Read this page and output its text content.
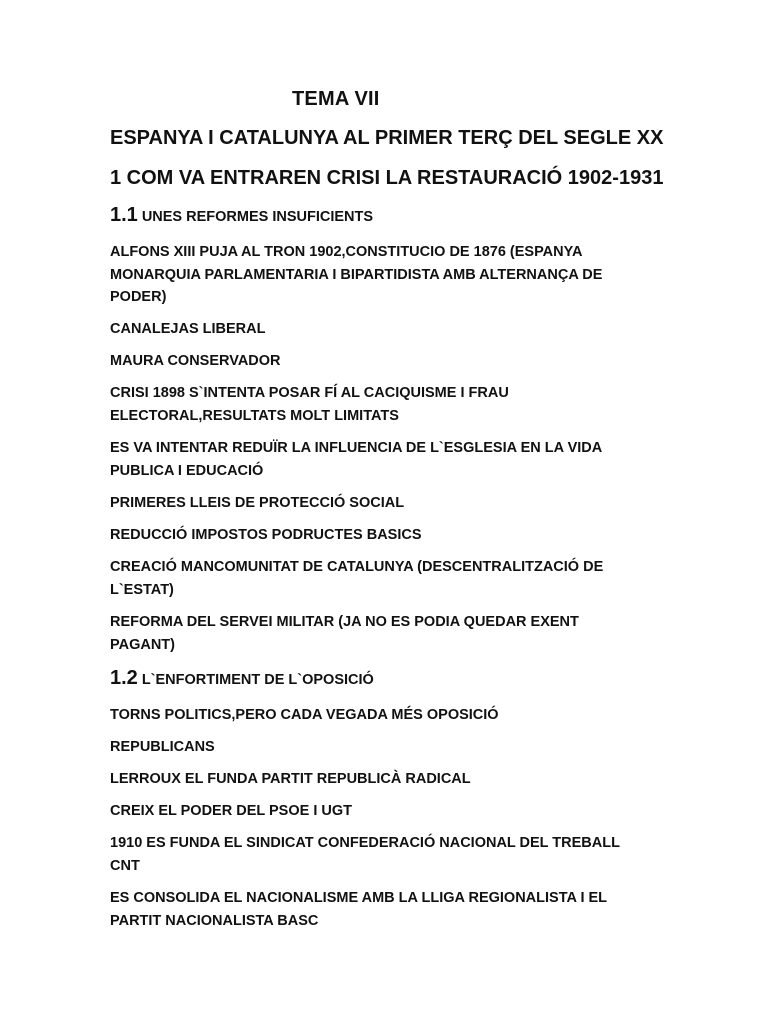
TEMA VII
ESPANYA I CATALUNYA AL PRIMER TERÇ DEL SEGLE XX
1 COM VA ENTRAREN CRISI LA RESTAURACIÓ 1902-1931
1.1 UNES REFORMES INSUFICIENTS

ALFONS XIII PUJA AL TRON 1902,CONSTITUCIO DE 1876 (ESPANYA MONARQUIA PARLAMENTARIA I BIPARTIDISTA AMB ALTERNANÇA DE PODER)

CANALEJAS LIBERAL

MAURA CONSERVADOR

CRISI 1898 S`INTENTA POSAR FÍ AL CACIQUISME I FRAU ELECTORAL,RESULTATS MOLT LIMITATS

ES VA INTENTAR REDUÏR LA INFLUENCIA DE L`ESGLESIA EN LA VIDA PUBLICA I EDUCACIÓ

PRIMERES LLEIS DE PROTECCIÓ SOCIAL

REDUCCIÓ IMPOSTOS PODRUCTES BASICS

CREACIÓ MANCOMUNITAT DE CATALUNYA (DESCENTRALITZACIÓ DE L`ESTAT)

REFORMA DEL SERVEI MILITAR (JA NO ES PODIA QUEDAR EXENT PAGANT)

1.2 L`ENFORTIMENT DE L`OPOSICIÓ

TORNS POLITICS,PERO CADA VEGADA MÉS OPOSICIÓ

REPUBLICANS

LERROUX EL FUNDA PARTIT REPUBLICÀ RADICAL

CREIX EL PODER DEL PSOE I UGT

1910 ES FUNDA EL SINDICAT CONFEDERACIÓ NACIONAL DEL TREBALL CNT

ES CONSOLIDA EL NACIONALISME AMB LA LLIGA REGIONALISTA I EL PARTIT NACIONALISTA BASC
